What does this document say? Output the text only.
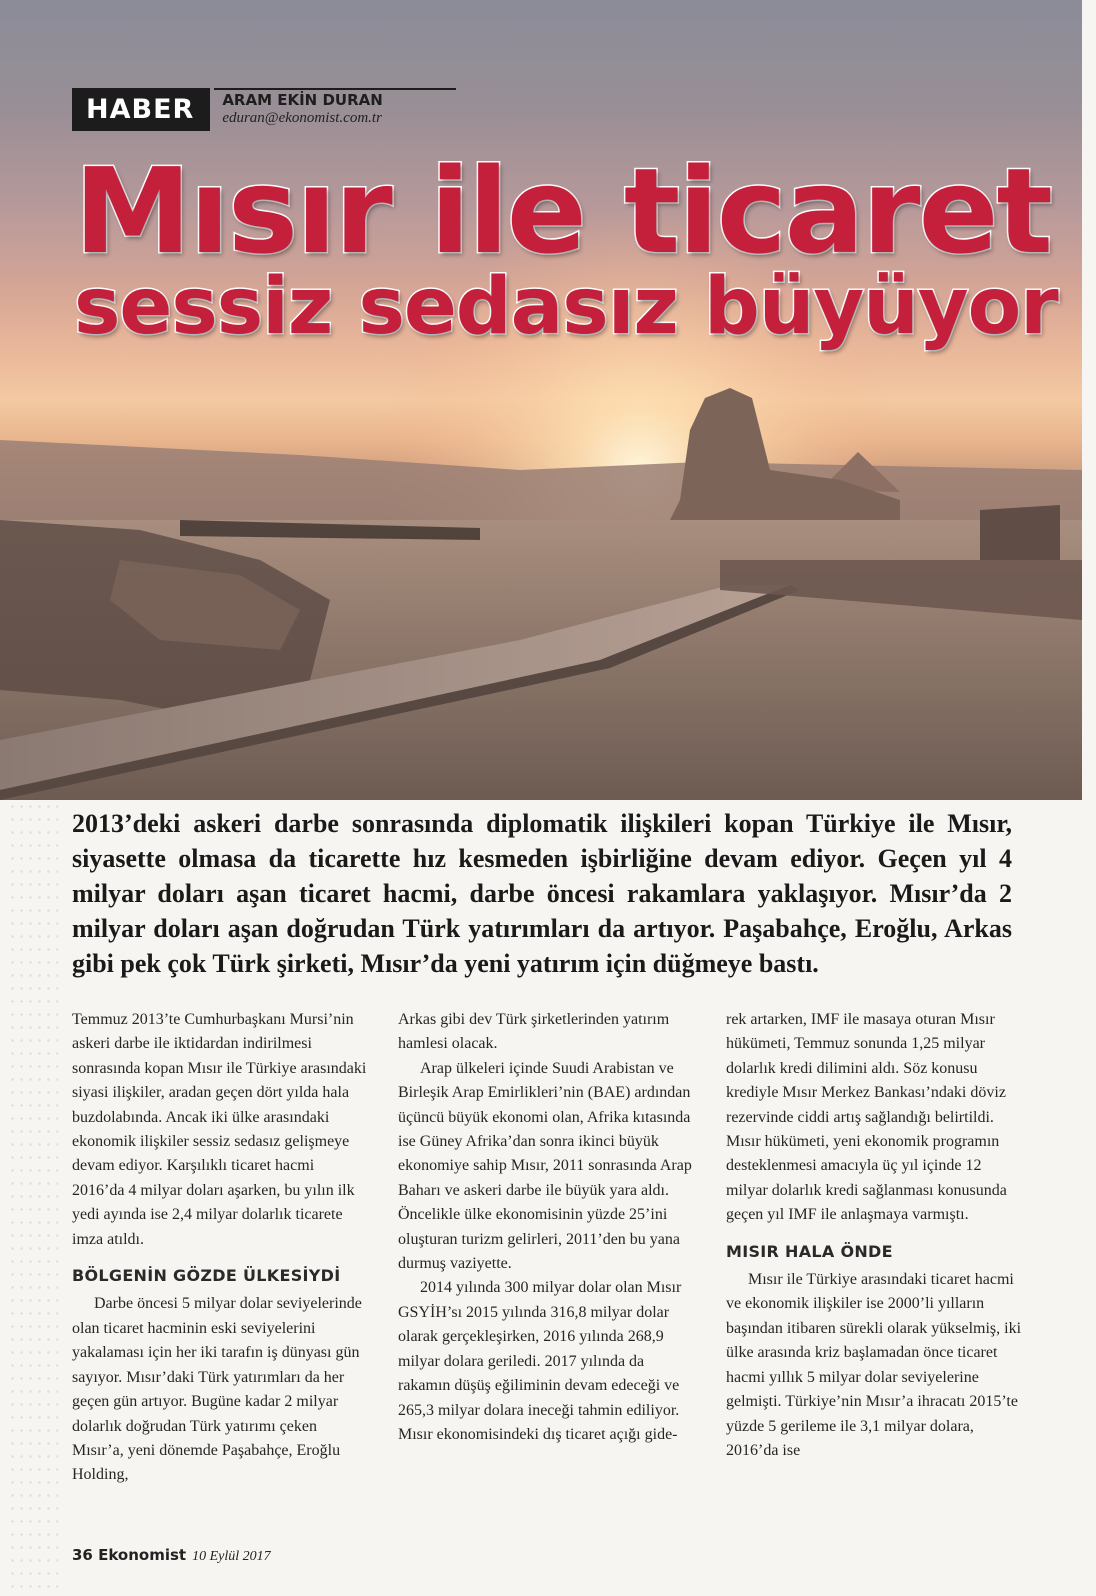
HABER	ARAM EKİN DURAN
eduran@ekonomist.com.tr
Mısır ile ticaret
sessiz sedasız büyüyor

2013’deki askeri darbe sonrasında diplomatik ilişkileri kopan Türkiye ile Mısır, siyasette olmasa da ticarette hız kesmeden işbirliğine devam ediyor. Geçen yıl 4 milyar doları aşan ticaret hacmi, darbe öncesi rakamlara yaklaşıyor. Mısır’da 2 milyar doları aşan doğrudan Türk yatırımları da artıyor. Paşabahçe, Eroğlu, Arkas gibi pek çok Türk şirketi, Mısır’da yeni yatırım için düğmeye bastı.

Temmuz 2013’te Cumhurbaşkanı Mursi’nin askeri darbe ile iktidardan indirilmesi sonrasında kopan Mısır ile Türkiye arasındaki siyasi ilişkiler, aradan geçen dört yılda hala buzdolabında. Ancak iki ülke arasındaki ekonomik ilişkiler sessiz sedasız gelişmeye devam ediyor. Karşılıklı ticaret hacmi 2016’da 4 milyar doları aşarken, bu yılın ilk yedi ayında ise 2,4 milyar dolarlık ticarete imza atıldı.

BÖLGENİN GÖZDE ÜLKESİYDİ

Darbe öncesi 5 milyar dolar seviyelerinde olan ticaret hacminin eski seviyelerini yakalaması için her iki tarafın iş dünyası gün sayıyor. Mısır’daki Türk yatırımları da her geçen gün artıyor. Bugüne kadar 2 milyar dolarlık doğrudan Türk yatırımı çeken Mısır’a, yeni dönemde Paşabahçe, Eroğlu Holding,

Arkas gibi dev Türk şirketlerinden yatırım hamlesi olacak.

Arap ülkeleri içinde Suudi Arabistan ve Birleşik Arap Emirlikleri’nin (BAE) ardından üçüncü büyük ekonomi olan, Afrika kıtasında ise Güney Afrika’dan sonra ikinci büyük ekonomiye sahip Mısır, 2011 sonrasında Arap Baharı ve askeri darbe ile büyük yara aldı. Öncelikle ülke ekonomisinin yüzde 25’ini oluşturan turizm gelirleri, 2011’den bu yana durmuş vaziyette.

2014 yılında 300 milyar dolar olan Mısır GSYİH’sı 2015 yılında 316,8 milyar dolar olarak gerçekleşirken, 2016 yılında 268,9 milyar dolara geriledi. 2017 yılında da rakamın düşüş eğiliminin devam edeceği ve 265,3 milyar dolara ineceği tahmin ediliyor. Mısır ekonomisindeki dış ticaret açığı gide-

rek artarken, IMF ile masaya oturan Mısır hükümeti, Temmuz sonunda 1,25 milyar dolarlık kredi dilimini aldı. Söz konusu krediyle Mısır Merkez Bankası’ndaki döviz rezervinde ciddi artış sağlandığı belirtildi. Mısır hükümeti, yeni ekonomik programın desteklenmesi amacıyla üç yıl içinde 12 milyar dolarlık kredi sağlanması konusunda geçen yıl IMF ile anlaşmaya varmıştı.

MISIR HALA ÖNDE

Mısır ile Türkiye arasındaki ticaret hacmi ve ekonomik ilişkiler ise 2000’li yılların başından itibaren sürekli olarak yükselmiş, iki ülke arasında kriz başlamadan önce ticaret hacmi yıllık 5 milyar dolar seviyelerine gelmişti. Türkiye’nin Mısır’a ihracatı 2015’te yüzde 5 gerileme ile 3,1 milyar dolara, 2016’da ise

36 Ekonomist 10 Eylül 2017
